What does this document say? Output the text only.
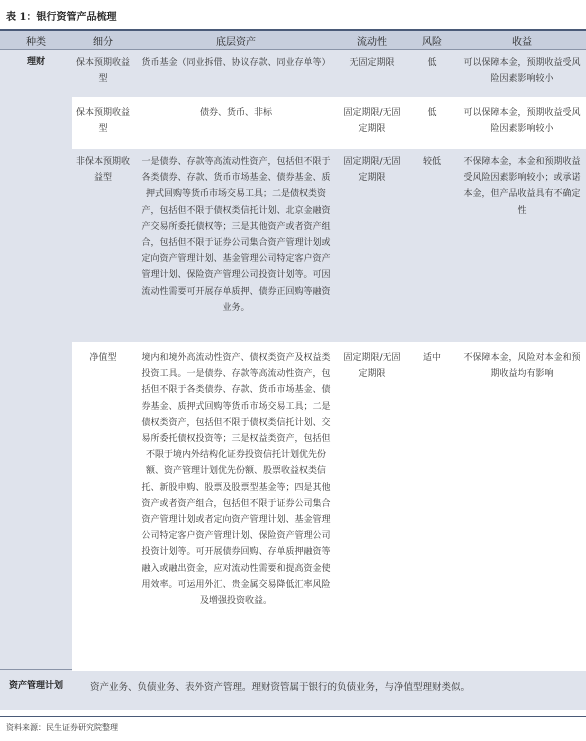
表 1：银行资管产品梳理
种类	细分	底层资产	流动性	风险	收益
理财	保本预期收益型	货币基金（同业拆借、协议存款、同业存单等）	无固定期限	低	可以保障本金，预期收益受风险因素影响较小
	保本预期收益型	债券、货币、非标	固定期限/无固定期限	低	可以保障本金，预期收益受风险因素影响较小
	非保本预期收益型	一是债券、存款等高流动性资产，包括但不限于各类债券、存款、货币市场基金、债券基金、质押式回购等货币市场交易工具；二是债权类资产，包括但不限于债权类信托计划、北京金融资产交易所委托债权等；三是其他资产或者资产组合，包括但不限于证券公司集合资产管理计划或定向资产管理计划、基金管理公司特定客户资产管理计划、保险资产管理公司投资计划等。可因流动性需要可开展存单质押、债券正回购等融资业务。	固定期限/无固定期限	较低	不保障本金，本金和预期收益受风险因素影响较小；或承诺本金，但产品收益具有不确定性
	净值型	境内和境外高流动性资产、债权类资产及权益类投资工具。一是债券、存款等高流动性资产，包括但不限于各类债券、存款、货币市场基金、债券基金、质押式回购等货币市场交易工具；二是债权类资产，包括但不限于债权类信托计划、交易所委托债权投资等；三是权益类资产，包括但不限于境内外结构化证券投资信托计划优先份额、资产管理计划优先份额、股票收益权类信托、新股申购、股票及股票型基金等；四是其他资产或者资产组合，包括但不限于证券公司集合资产管理计划或者定向资产管理计划、基金管理公司特定客户资产管理计划、保险资产管理公司投资计划等。可开展债券回购、存单质押融资等融入或融出资金，应对流动性需要和提高资金使用效率。可运用外汇、贵金属交易降低汇率风险及增强投资收益。	固定期限/无固定期限	适中	不保障本金，风险对本金和预期收益均有影响
资产管理计划	资产业务、负债业务、表外资产管理。理财资管属于银行的负债业务，与净值型理财类似。				
资料来源：民生证券研究院整理
